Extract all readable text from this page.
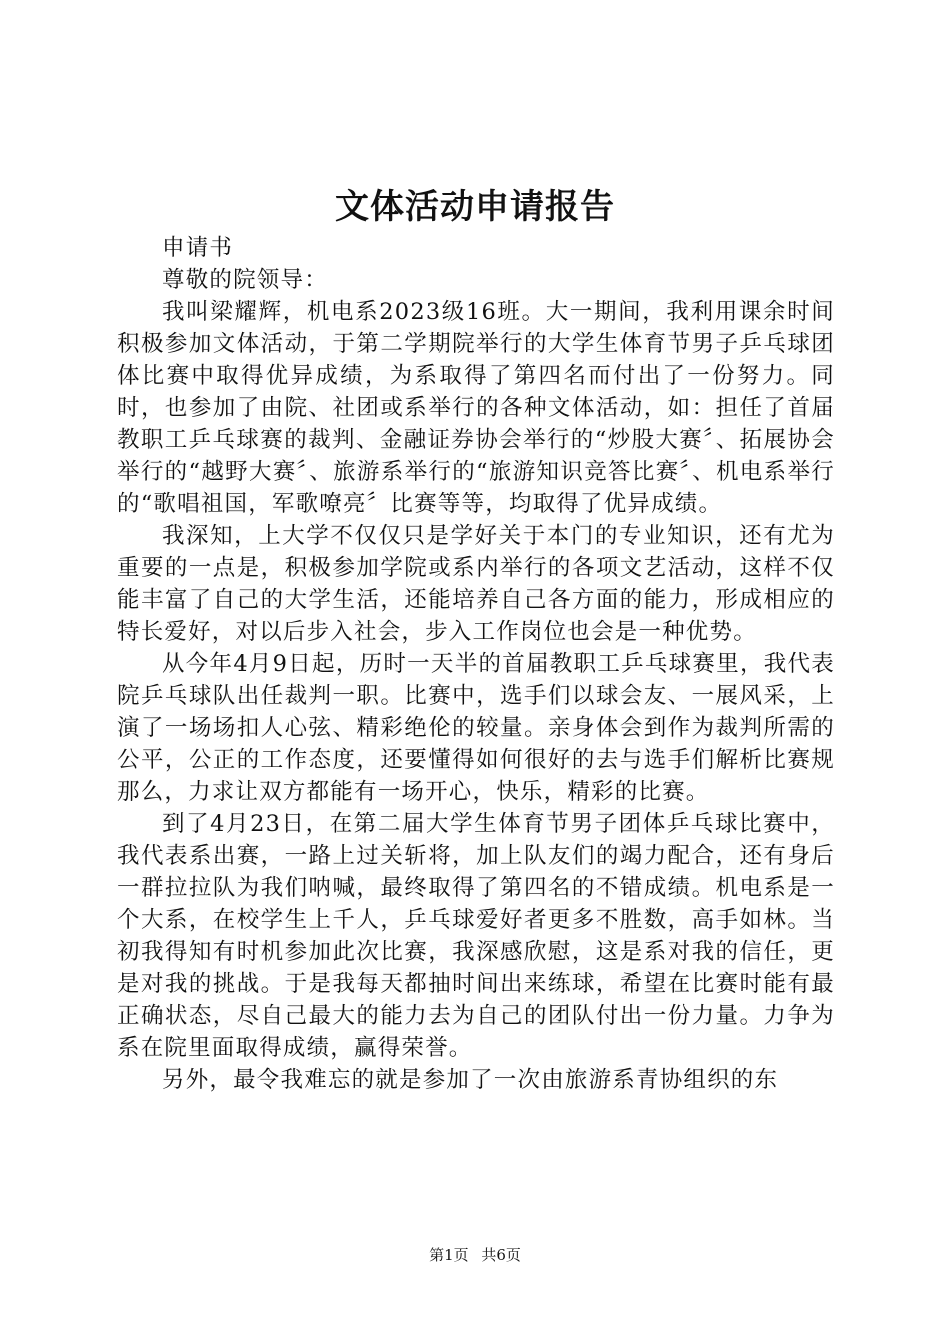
文体活动申请报告

申请书

尊敬的院领导：

我叫梁耀辉，机电系2023级16班。大一期间，我利用课余时间积极参加文体活动，于第二学期院举行的大学生体育节男子乒乓球团体比赛中取得优异成绩，为系取得了第四名而付出了一份努力。同时，也参加了由院、社团或系举行的各种文体活动，如：担任了首届教职工乒乓球赛的裁判、金融证券协会举行的“炒股大赛〞、拓展协会举行的“越野大赛〞、旅游系举行的“旅游知识竞答比赛〞、机电系举行的“歌唱祖国，军歌嘹亮〞比赛等等，均取得了优异成绩。

我深知，上大学不仅仅只是学好关于本门的专业知识，还有尤为重要的一点是，积极参加学院或系内举行的各项文艺活动，这样不仅能丰富了自己的大学生活，还能培养自己各方面的能力，形成相应的特长爱好，对以后步入社会，步入工作岗位也会是一种优势。

从今年4月9日起，历时一天半的首届教职工乒乓球赛里，我代表院乒乓球队出任裁判一职。比赛中，选手们以球会友、一展风采，上演了一场场扣人心弦、精彩绝伦的较量。亲身体会到作为裁判所需的公平，公正的工作态度，还要懂得如何很好的去与选手们解析比赛规那么，力求让双方都能有一场开心，快乐，精彩的比赛。

到了4月23日，在第二届大学生体育节男子团体乒乓球比赛中，我代表系出赛，一路上过关斩将，加上队友们的竭力配合，还有身后一群拉拉队为我们呐喊，最终取得了第四名的不错成绩。机电系是一个大系，在校学生上千人，乒乓球爱好者更多不胜数，高手如林。当初我得知有时机参加此次比赛，我深感欣慰，这是系对我的信任，更是对我的挑战。于是我每天都抽时间出来练球，希望在比赛时能有最正确状态，尽自己最大的能力去为自己的团队付出一份力量。力争为系在院里面取得成绩，赢得荣誉。

另外，最令我难忘的就是参加了一次由旅游系青协组织的东

第1页 共6页
